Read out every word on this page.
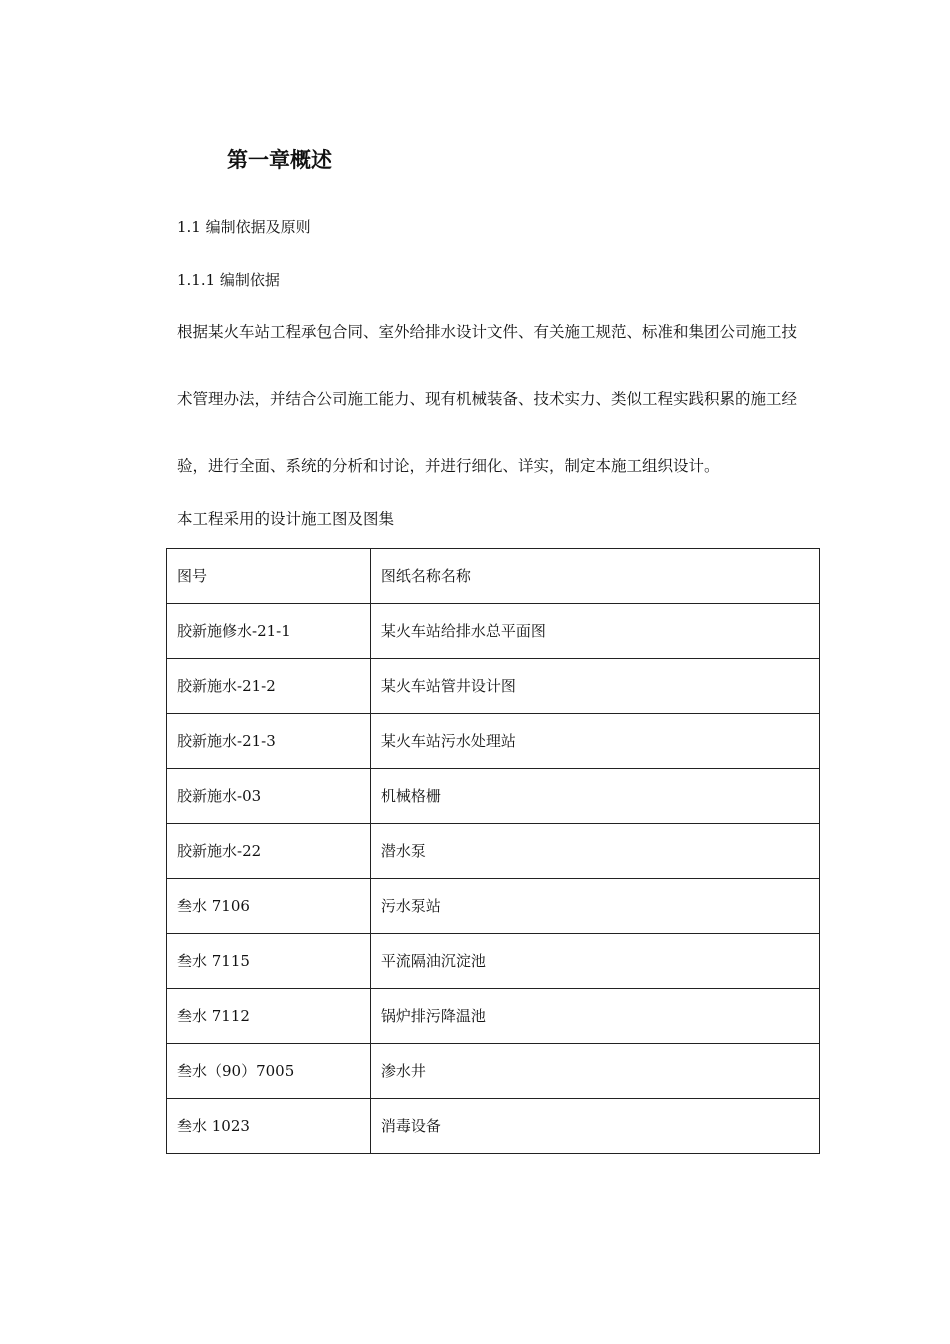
第一章概述
1.1 编制依据及原则
1.1.1 编制依据
根据某火车站工程承包合同、室外给排水设计文件、有关施工规范、标准和集团公司施工技
术管理办法，并结合公司施工能力、现有机械装备、技术实力、类似工程实践积累的施工经
验，进行全面、系统的分析和讨论，并进行细化、详实，制定本施工组织设计。
本工程采用的设计施工图及图集
图号	图纸名称名称
胶新施修水-21-1	某火车站给排水总平面图
胶新施水-21-2	某火车站管井设计图
胶新施水-21-3	某火车站污水处理站
胶新施水-03	机械格栅
胶新施水-22	潜水泵
叁水 7106	污水泵站
叁水 7115	平流隔油沉淀池
叁水 7112	锅炉排污降温池
叁水（90）7005	渗水井
叁水 1023	消毒设备
